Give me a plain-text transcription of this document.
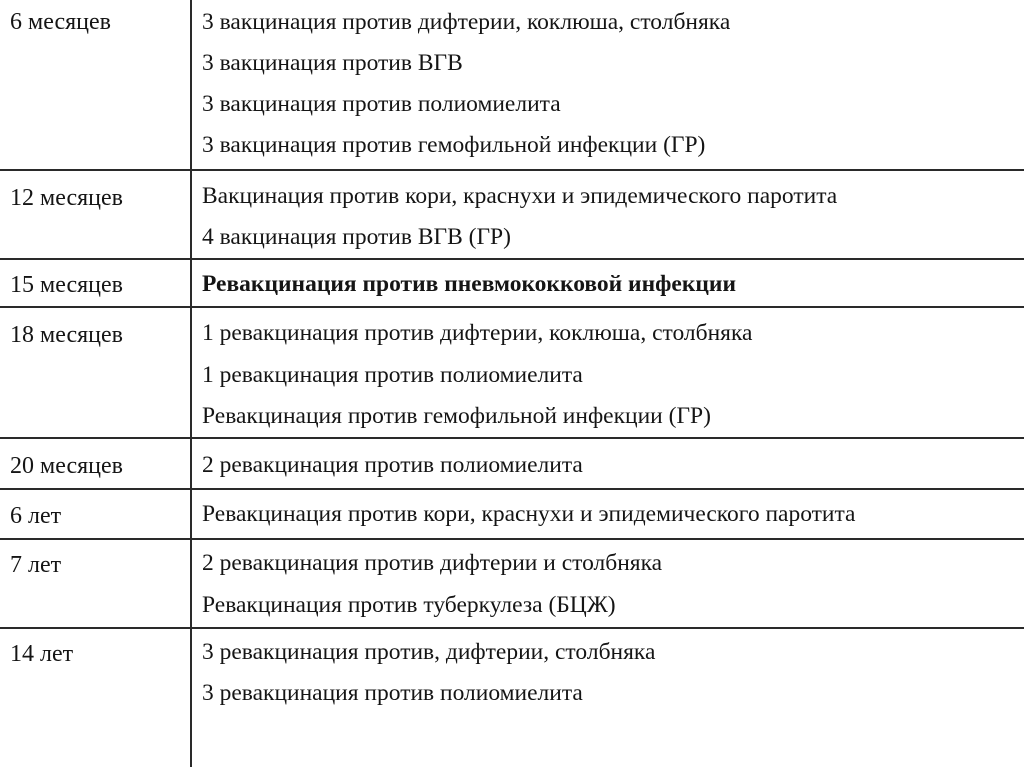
6 месяцев	3 вакцинация против дифтерии, коклюша, столбняка
3 вакцинация против ВГВ
3 вакцинация против полиомиелита
3 вакцинация против гемофильной инфекции (ГР)
12 месяцев	Вакцинация против кори, краснухи и эпидемического паротита
4 вакцинация против ВГВ (ГР)
15 месяцев	Ревакцинация против пневмококковой инфекции
18 месяцев	1 ревакцинация против дифтерии, коклюша, столбняка
1 ревакцинация против полиомиелита
Ревакцинация против гемофильной инфекции (ГР)
20 месяцев	2 ревакцинация против полиомиелита
6 лет	Ревакцинация против кори, краснухи и эпидемического паротита
7 лет	2 ревакцинация против дифтерии и столбняка
Ревакцинация против туберкулеза (БЦЖ)
14 лет	3 ревакцинация против, дифтерии, столбняка
3 ревакцинация против полиомиелита
